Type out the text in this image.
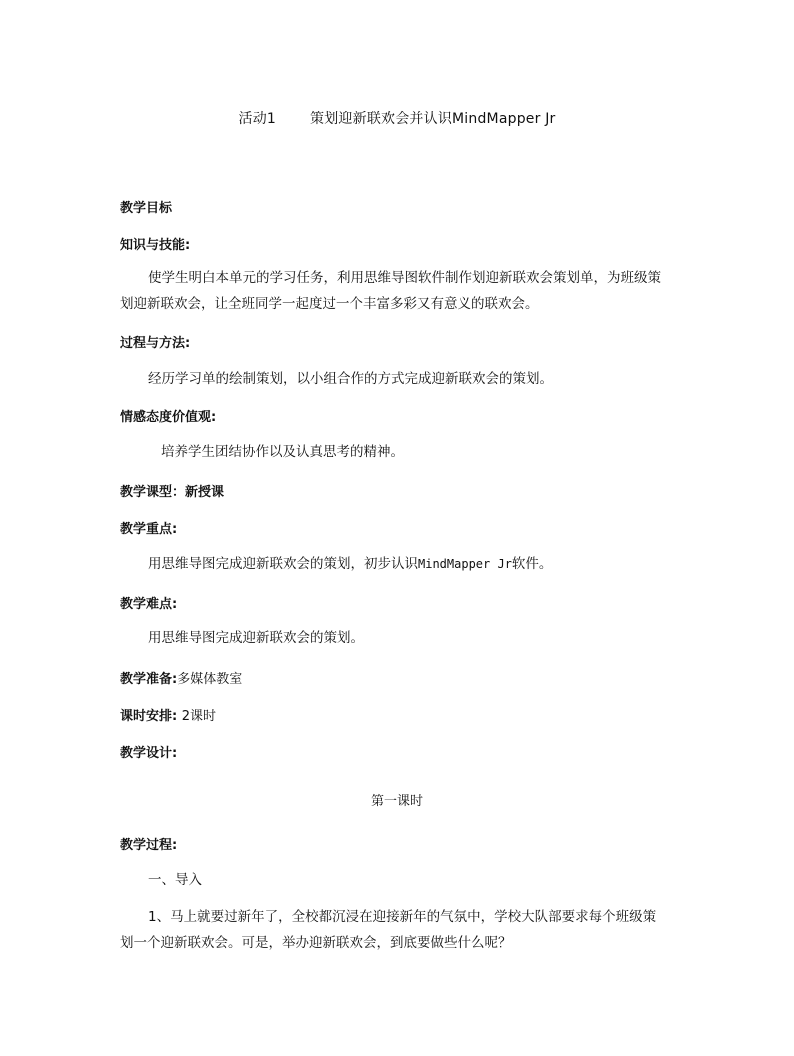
活动1 策划迎新联欢会并认识MindMapper Jr
教学目标
知识与技能:
使学生明白本单元的学习任务，利用思维导图软件制作划迎新联欢会策划单，为班级策
划迎新联欢会，让全班同学一起度过一个丰富多彩又有意义的联欢会。
过程与方法:
经历学习单的绘制策划，以小组合作的方式完成迎新联欢会的策划。
情感态度价值观:
培养学生团结协作以及认真思考的精神。
教学课型：新授课
教学重点:
用思维导图完成迎新联欢会的策划，初步认识MindMapper Jr软件。
教学难点:
用思维导图完成迎新联欢会的策划。
教学准备:多媒体教室
课时安排: 2课时
教学设计:
第一课时
教学过程:
一、导入
1、马上就要过新年了，全校都沉浸在迎接新年的气氛中，学校大队部要求每个班级策
划一个迎新联欢会。可是，举办迎新联欢会，到底要做些什么呢？
